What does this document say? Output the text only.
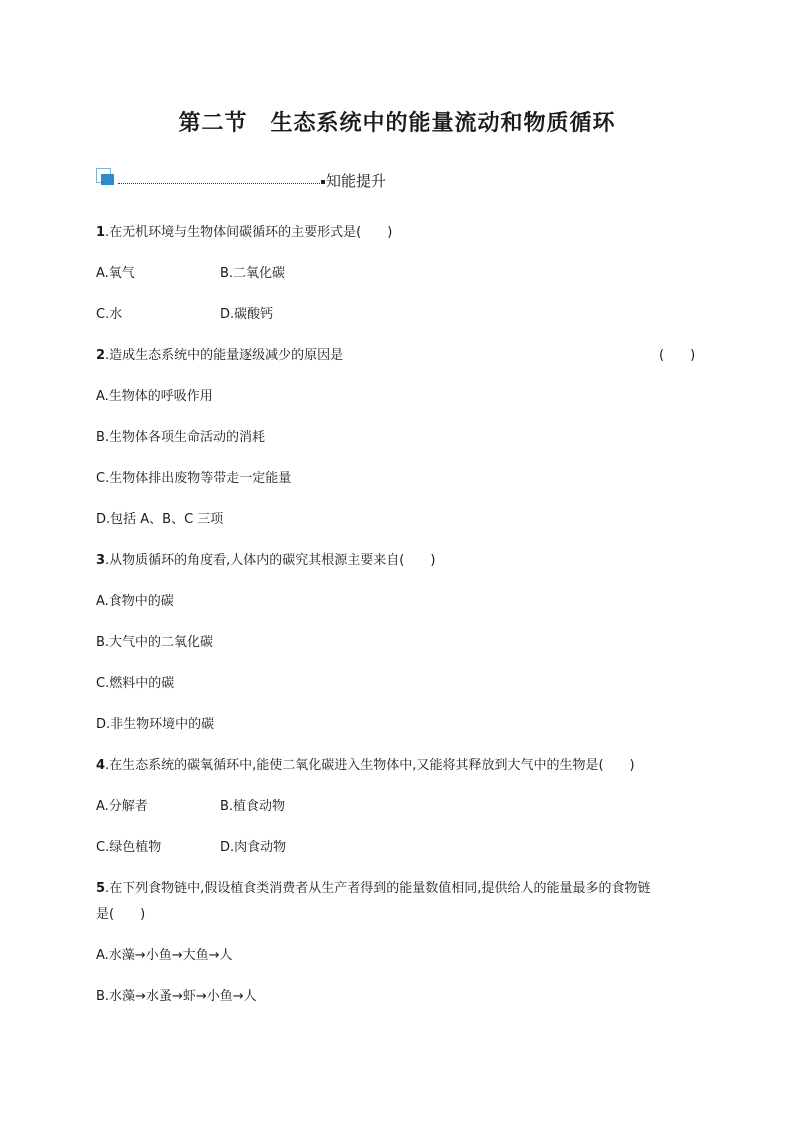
第二节　生态系统中的能量流动和物质循环
知能提升
1.在无机环境与生物体间碳循环的主要形式是(　　)
A.氧气	B.二氧化碳
C.水	D.碳酸钙
2.造成生态系统中的能量逐级减少的原因是	(　　)
A.生物体的呼吸作用
B.生物体各项生命活动的消耗
C.生物体排出废物等带走一定能量
D.包括 A、B、C 三项
3.从物质循环的角度看,人体内的碳究其根源主要来自(　　)
A.食物中的碳
B.大气中的二氧化碳
C.燃料中的碳
D.非生物环境中的碳
4.在生态系统的碳氧循环中,能使二氧化碳进入生物体中,又能将其释放到大气中的生物是(　　)
A.分解者	B.植食动物
C.绿色植物	D.肉食动物
5.在下列食物链中,假设植食类消费者从生产者得到的能量数值相同,提供给人的能量最多的食物链
是(　　)
A.水藻→小鱼→大鱼→人
B.水藻→水蚤→虾→小鱼→人
